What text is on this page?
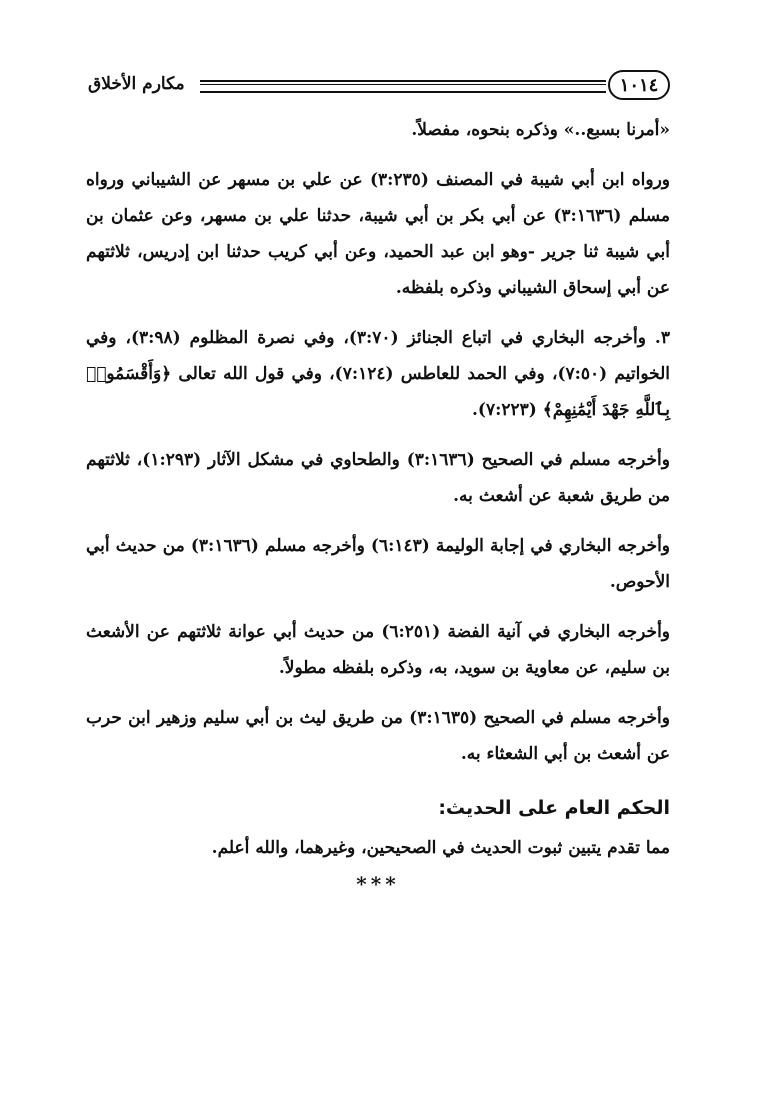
مكارم الأخلاق	١٠١٤

«أمرنا بسبع..» وذكره بنحوه، مفصلاً.

ورواه ابن أبي شيبة في المصنف (٣:٢٣٥) عن علي بن مسهر عن الشيباني ورواه مسلم (٣:١٦٣٦) عن أبي بكر بن أبي شيبة، حدثنا علي بن مسهر، وعن عثمان بن أبي شيبة ثنا جرير -وهو ابن عبد الحميد، وعن أبي كريب حدثنا ابن إدريس، ثلاثتهم عن أبي إسحاق الشيباني وذكره بلفظه.

٣. وأخرجه البخاري في اتباع الجنائز (٣:٧٠)، وفي نصرة المظلوم (٣:٩٨)، وفي الخواتيم (٧:٥٠)، وفي الحمد للعاطس (٧:١٢٤)، وفي قول الله تعالى ﴿وَأَقْسَمُوا۟ بِٱللَّهِ جَهْدَ أَيْمَٰنِهِمْ﴾ (٧:٢٢٣).

وأخرجه مسلم في الصحيح (٣:١٦٣٦) والطحاوي في مشكل الآثار (١:٢٩٣)، ثلاثتهم من طريق شعبة عن أشعث به.

وأخرجه البخاري في إجابة الوليمة (٦:١٤٣) وأخرجه مسلم (٣:١٦٣٦) من حديث أبي الأحوص.

وأخرجه البخاري في آنية الفضة (٦:٢٥١) من حديث أبي عوانة ثلاثتهم عن الأشعث بن سليم، عن معاوية بن سويد، به، وذكره بلفظه مطولاً.

وأخرجه مسلم في الصحيح (٣:١٦٣٥) من طريق ليث بن أبي سليم وزهير ابن حرب عن أشعث بن أبي الشعثاء به.

الحكم العام على الحديث:

مما تقدم يتبين ثبوت الحديث في الصحيحين، وغيرهما، والله أعلم.

***
